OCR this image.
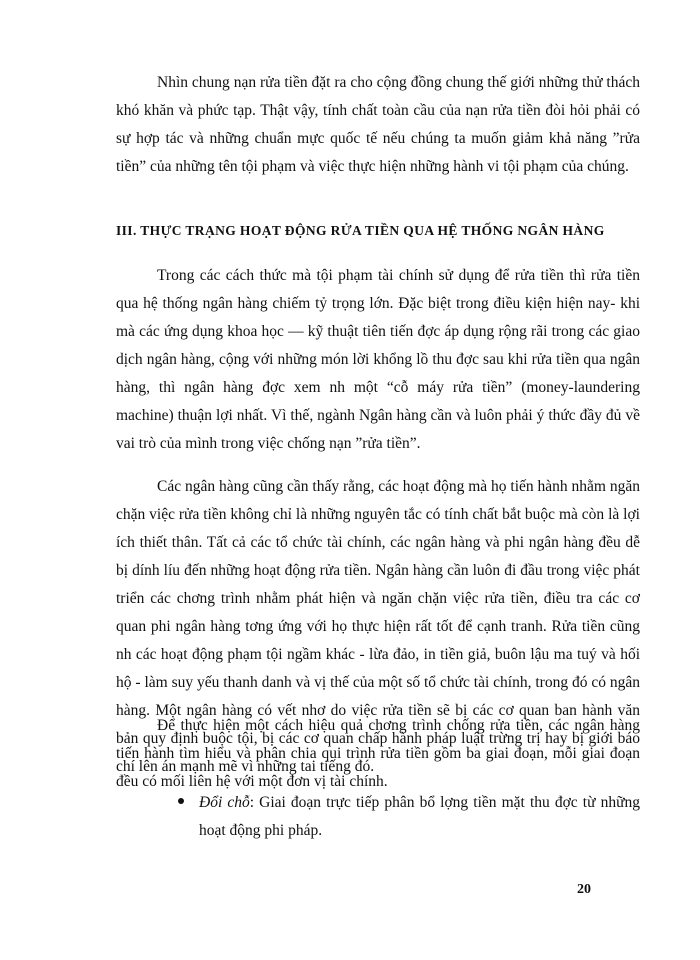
Nhìn chung nạn rửa tiền đặt ra cho cộng đồng chung thế giới những thử thách khó khăn và phức tạp. Thật vậy, tính chất toàn cầu của nạn rửa tiền đòi hỏi phải có sự hợp tác và những chuẩn mực quốc tế nếu chúng ta muốn giảm khả năng ”rửa tiền” của những tên tội phạm và việc thực hiện những hành vi tội phạm của chúng.

III. THỰC TRẠNG HOẠT ĐỘNG RỬA TIỀN QUA HỆ THỐNG NGÂN HÀNG

Trong các cách thức mà tội phạm tài chính sử dụng để rửa tiền thì rửa tiền qua hệ thống ngân hàng chiếm tỷ trọng lớn. Đặc biệt trong điều kiện hiện nay- khi mà các ứng dụng khoa học — kỹ thuật tiên tiến đợc áp dụng rộng rãi trong các giao dịch ngân hàng, cộng với những món lời khổng lồ thu đợc sau khi rửa tiền qua ngân hàng, thì ngân hàng đợc xem nh một “cỗ máy rửa tiền” (money-laundering machine) thuận lợi nhất. Vì thế, ngành Ngân hàng cần và luôn phải ý thức đầy đủ về vai trò của mình trong việc chống nạn ”rửa tiền”.

Các ngân hàng cũng cần thấy rằng, các hoạt động mà họ tiến hành nhằm ngăn chặn việc rửa tiền không chỉ là những nguyên tắc có tính chất bắt buộc mà còn là lợi ích thiết thân. Tất cả các tổ chức tài chính, các ngân hàng và phi ngân hàng đều dễ bị dính líu đến những hoạt động rửa tiền. Ngân hàng cần luôn đi đầu trong việc phát triển các chơng trình nhằm phát hiện và ngăn chặn việc rửa tiền, điều tra các cơ quan phi ngân hàng tơng ứng với họ thực hiện rất tốt để cạnh tranh. Rửa tiền cũng nh các hoạt động phạm tội ngầm khác - lừa đảo, in tiền giả, buôn lậu ma tuý và hối hộ - làm suy yếu thanh danh và vị thế của một số tổ chức tài chính, trong đó có ngân hàng. Một ngân hàng có vết nhơ do việc rửa tiền sẽ bị các cơ quan ban hành văn bản quy định buộc tội, bị các cơ quan chấp hành pháp luật trừng trị hay bị giới báo chí lên án mạnh mẽ vì những tai tiếng đó.

Để thực hiện một cách hiệu quả chơng trình chống rửa tiền, các ngân hàng tiến hành tìm hiểu và phân chia qui trình rửa tiền gồm ba giai đoạn, mỗi giai đoạn đều có mối liên hệ với một đơn vị tài chính.

Đổi chỗ: Giai đoạn trực tiếp phân bổ lợng tiền mặt thu đợc từ những hoạt động phi pháp.

20
